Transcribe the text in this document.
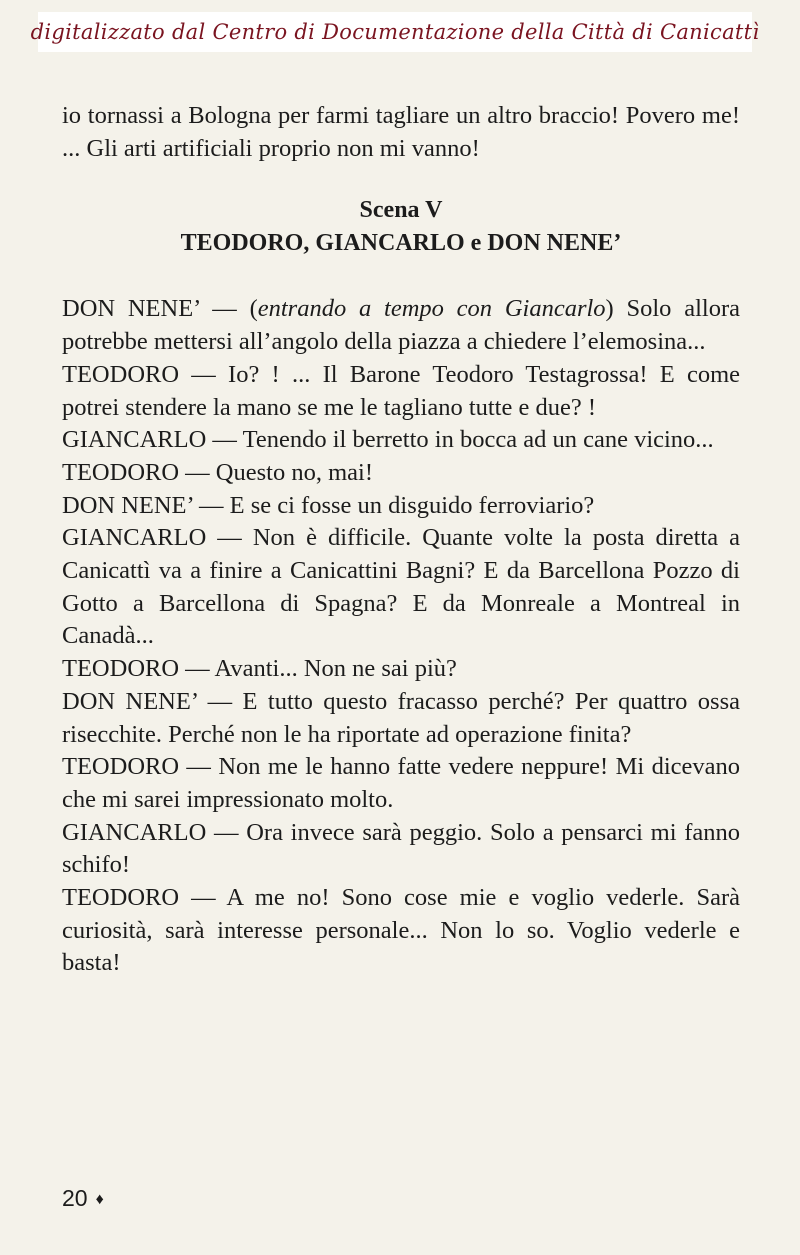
digitalizzato dal Centro di Documentazione della Città di Canicattì

io tornassi a Bologna per farmi tagliare un altro braccio! Povero me! ... Gli arti artificiali proprio non mi vanno!

Scena V

TEODORO, GIANCARLO e DON NENE’

DON NENE’ — (entrando a tempo con Giancarlo) Solo allora potrebbe mettersi all’angolo della piazza a chiedere l’elemosina...

TEODORO — Io? ! ... Il Barone Teodoro Testagrossa! E come potrei stendere la mano se me le tagliano tutte e due? !

GIANCARLO — Tenendo il berretto in bocca ad un cane vicino...

TEODORO — Questo no, mai!

DON NENE’ — E se ci fosse un disguido ferroviario?

GIANCARLO — Non è difficile. Quante volte la posta diretta a Canicattì va a finire a Canicattini Bagni? E da Barcellona Pozzo di Gotto a Barcellona di Spagna? E da Monreale a Montreal in Canadà...

TEODORO — Avanti... Non ne sai più?

DON NENE’ — E tutto questo fracasso perché? Per quattro ossa risecchite. Perché non le ha riportate ad operazione finita?

TEODORO — Non me le hanno fatte vedere neppure! Mi dicevano che mi sarei impressionato molto.

GIANCARLO — Ora invece sarà peggio. Solo a pensarci mi fanno schifo!

TEODORO — A me no! Sono cose mie e voglio vederle. Sarà curiosità, sarà interesse personale... Non lo so. Voglio vederle e basta!

20 ♦
